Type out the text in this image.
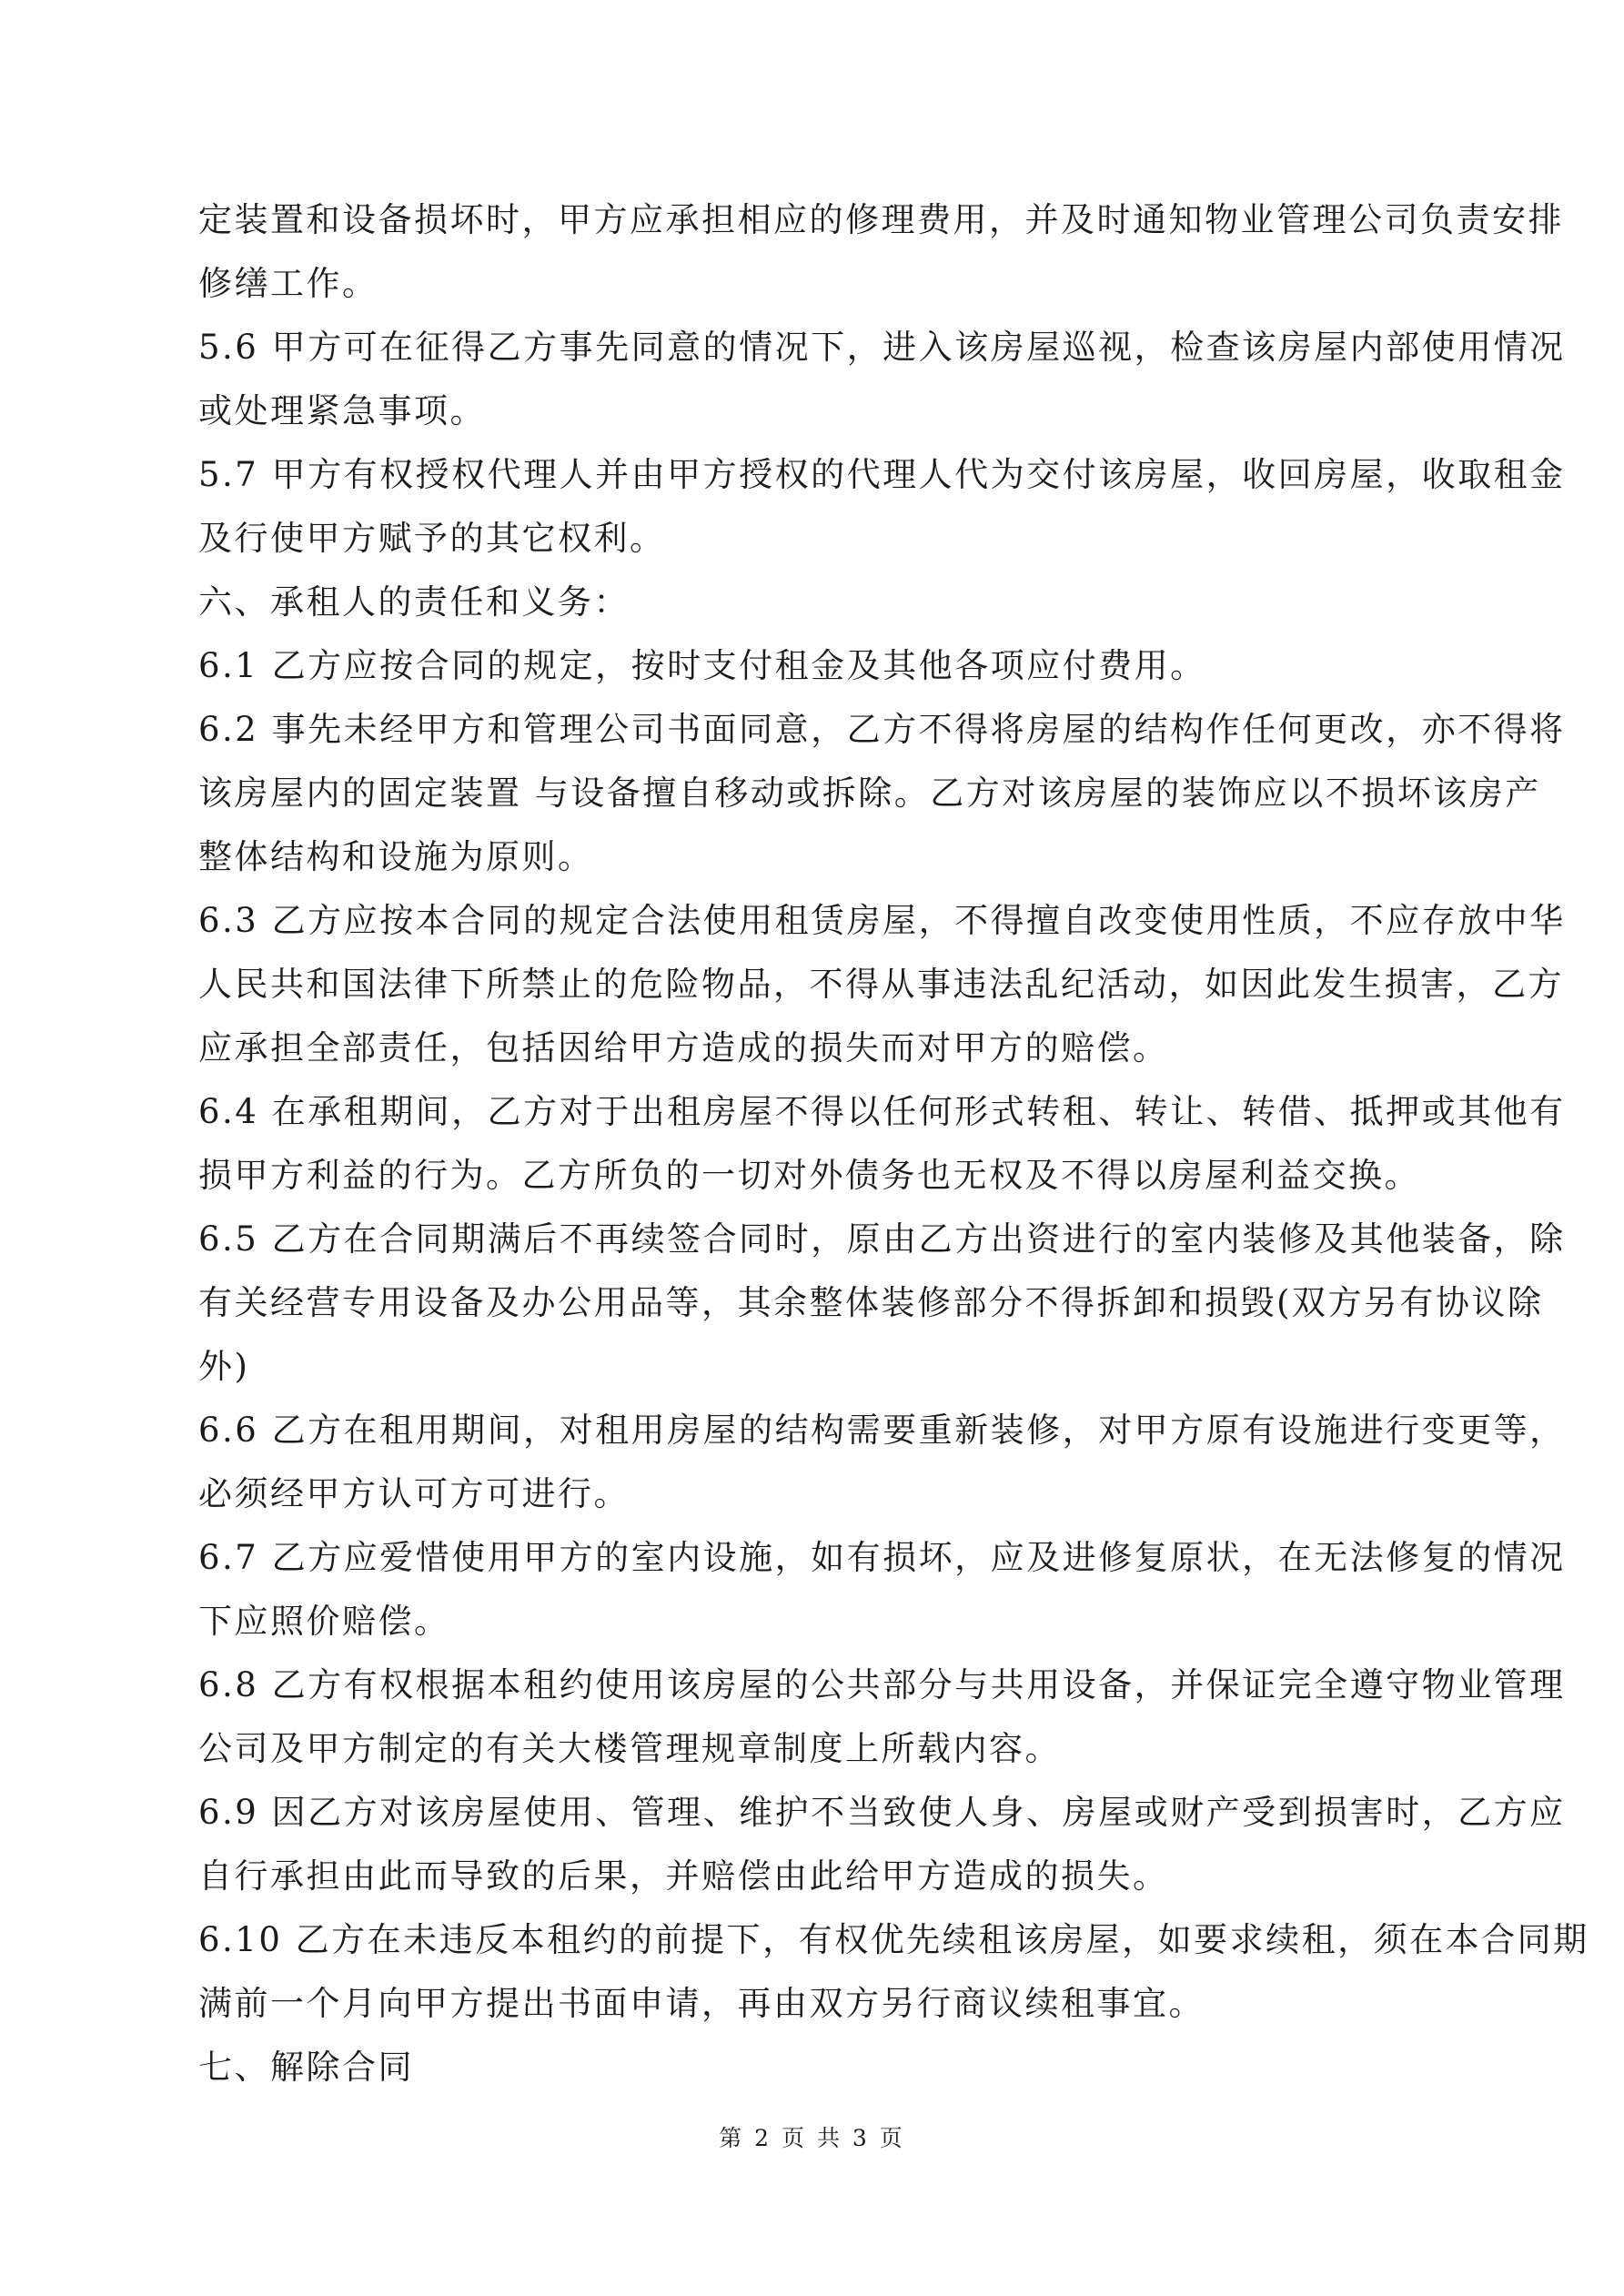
定装置和设备损坏时，甲方应承担相应的修理费用，并及时通知物业管理公司负责安排

修缮工作。

5.6 甲方可在征得乙方事先同意的情况下，进入该房屋巡视，检查该房屋内部使用情况

或处理紧急事项。

5.7 甲方有权授权代理人并由甲方授权的代理人代为交付该房屋，收回房屋，收取租金

及行使甲方赋予的其它权利。

六、承租人的责任和义务：

6.1 乙方应按合同的规定，按时支付租金及其他各项应付费用。

6.2 事先未经甲方和管理公司书面同意，乙方不得将房屋的结构作任何更改，亦不得将

该房屋内的固定装置 与设备擅自移动或拆除。乙方对该房屋的装饰应以不损坏该房产

整体结构和设施为原则。

6.3 乙方应按本合同的规定合法使用租赁房屋，不得擅自改变使用性质，不应存放中华

人民共和国法律下所禁止的危险物品，不得从事违法乱纪活动，如因此发生损害，乙方

应承担全部责任，包括因给甲方造成的损失而对甲方的赔偿。

6.4 在承租期间，乙方对于出租房屋不得以任何形式转租、转让、转借、抵押或其他有

损甲方利益的行为。乙方所负的一切对外债务也无权及不得以房屋利益交换。

6.5 乙方在合同期满后不再续签合同时，原由乙方出资进行的室内装修及其他装备，除

有关经营专用设备及办公用品等，其余整体装修部分不得拆卸和损毁(双方另有协议除

外)

6.6 乙方在租用期间，对租用房屋的结构需要重新装修，对甲方原有设施进行变更等，

必须经甲方认可方可进行。

6.7 乙方应爱惜使用甲方的室内设施，如有损坏，应及进修复原状，在无法修复的情况

下应照价赔偿。

6.8 乙方有权根据本租约使用该房屋的公共部分与共用设备，并保证完全遵守物业管理

公司及甲方制定的有关大楼管理规章制度上所载内容。

6.9 因乙方对该房屋使用、管理、维护不当致使人身、房屋或财产受到损害时，乙方应

自行承担由此而导致的后果，并赔偿由此给甲方造成的损失。

6.10 乙方在未违反本租约的前提下，有权优先续租该房屋，如要求续租，须在本合同期

满前一个月向甲方提出书面申请，再由双方另行商议续租事宜。

七、解除合同

第 2 页 共 3 页
